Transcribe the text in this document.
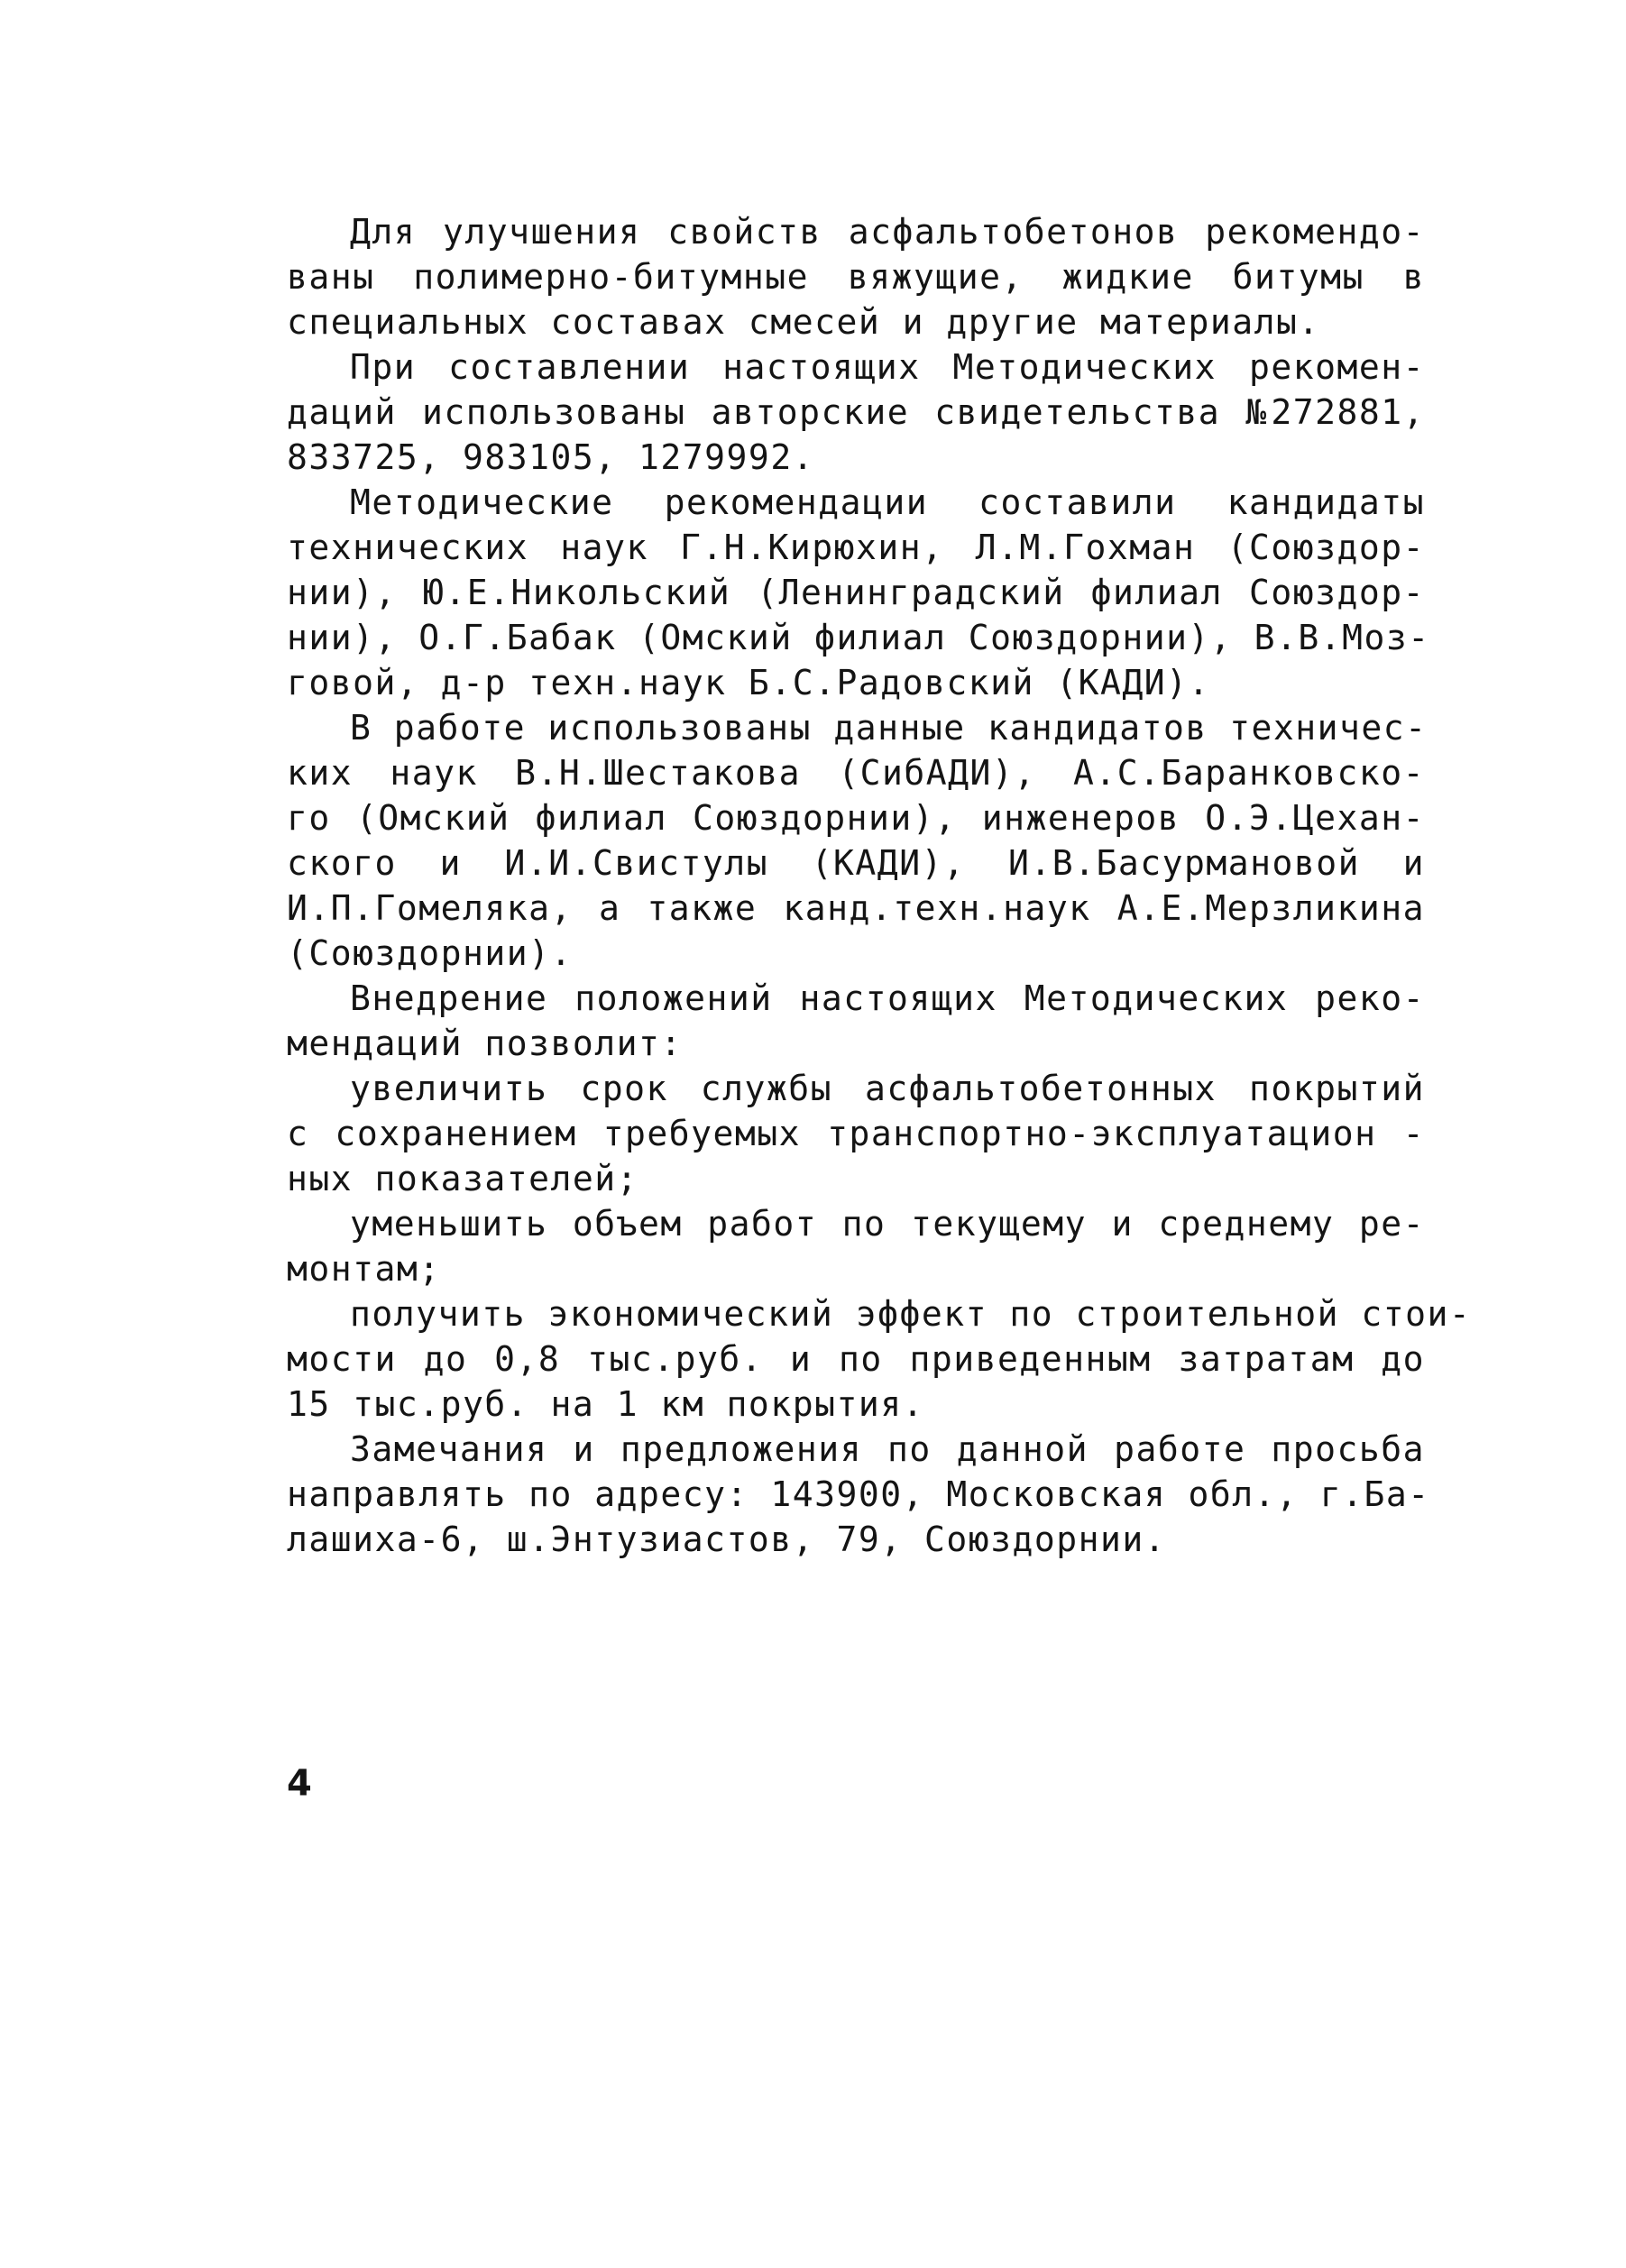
Для улучшения свойств асфальтобетонов рекомендо-
ваны полимерно-битумные вяжущие, жидкие битумы в
специальных составах смесей и другие материалы.
При составлении настоящих Методических рекомен-
даций использованы авторские свидетельства №272881,
833725, 983105, 1279992.
Методические рекомендации составили кандидаты
технических наук Г.Н.Кирюхин, Л.М.Гохман (Союздор-
нии), Ю.Е.Никольский (Ленинградский филиал Союздор-
нии), О.Г.Бабак (Омский филиал Союздорнии), В.В.Моз-
говой, д-р техн.наук Б.С.Радовский (КАДИ).
В работе использованы данные кандидатов техничес-
ких наук В.Н.Шестакова (СибАДИ), А.С.Баранковско-
го (Омский филиал Союздорнии), инженеров О.Э.Цехан-
ского и И.И.Свистулы (КАДИ), И.В.Басурмановой и
И.П.Гомеляка, а также канд.техн.наук А.Е.Мерзликина
(Союздорнии).
Внедрение положений настоящих Методических реко-
мендаций позволит:
увеличить срок службы асфальтобетонных покрытий
с сохранением требуемых транспортно-эксплуатацион -
ных показателей;
уменьшить объем работ по текущему и среднему ре-
монтам;
получить экономический эффект по строительной стои-
мости до 0,8 тыс.руб. и по приведенным затратам до
15 тыс.руб. на 1 км покрытия.
Замечания и предложения по данной работе просьба
направлять по адресу: 143900, Московская обл., г.Ба-
лашиха-6, ш.Энтузиастов, 79, Союздорнии.
4
